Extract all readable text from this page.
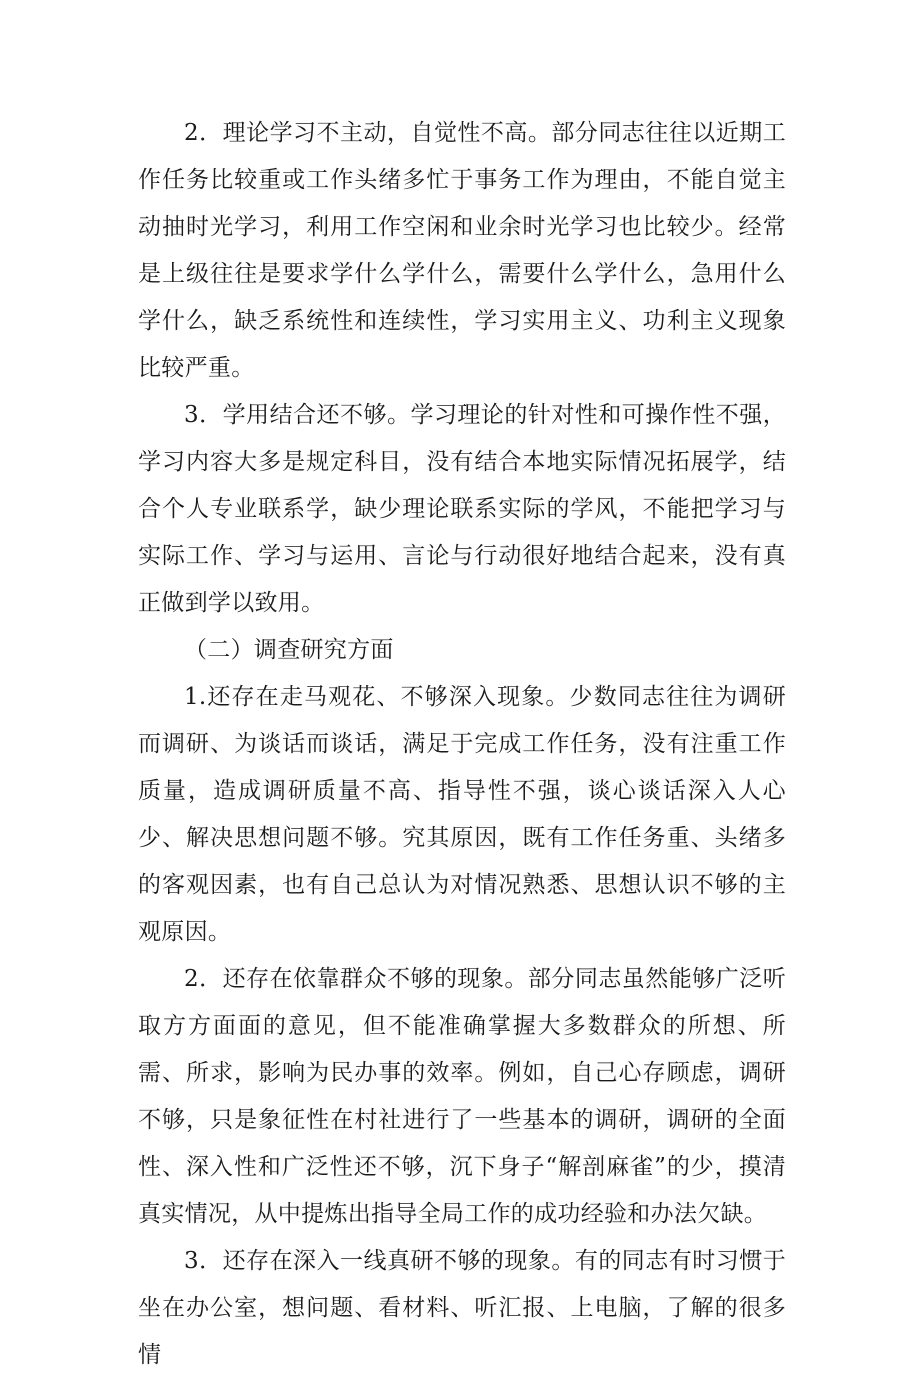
2．理论学习不主动，自觉性不高。部分同志往往以近期工作任务比较重或工作头绪多忙于事务工作为理由，不能自觉主动抽时光学习，利用工作空闲和业余时光学习也比较少。经常是上级往往是要求学什么学什么，需要什么学什么，急用什么学什么，缺乏系统性和连续性，学习实用主义、功利主义现象比较严重。

3．学用结合还不够。学习理论的针对性和可操作性不强，学习内容大多是规定科目，没有结合本地实际情况拓展学，结合个人专业联系学，缺少理论联系实际的学风，不能把学习与实际工作、学习与运用、言论与行动很好地结合起来，没有真正做到学以致用。

（二）调查研究方面

1.还存在走马观花、不够深入现象。少数同志往往为调研而调研、为谈话而谈话，满足于完成工作任务，没有注重工作质量，造成调研质量不高、指导性不强，谈心谈话深入人心少、解决思想问题不够。究其原因，既有工作任务重、头绪多的客观因素，也有自己总认为对情况熟悉、思想认识不够的主观原因。

2．还存在依靠群众不够的现象。部分同志虽然能够广泛听取方方面面的意见，但不能准确掌握大多数群众的所想、所需、所求，影响为民办事的效率。例如，自己心存顾虑，调研不够，只是象征性在村社进行了一些基本的调研，调研的全面性、深入性和广泛性还不够，沉下身子“解剖麻雀”的少，摸清真实情况，从中提炼出指导全局工作的成功经验和办法欠缺。

3．还存在深入一线真研不够的现象。有的同志有时习惯于坐在办公室，想问题、看材料、听汇报、上电脑，了解的很多情
